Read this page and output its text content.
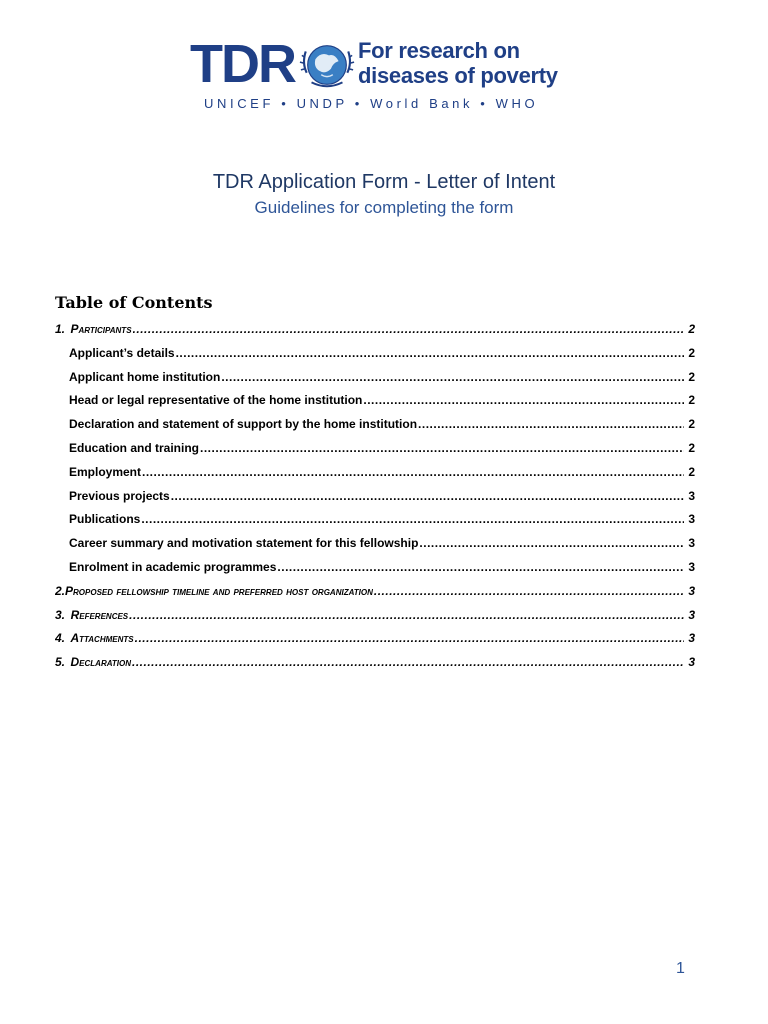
TDR	For research on
diseases of poverty
UNICEF • UNDP • World Bank • WHO
TDR Application Form - Letter of Intent
Guidelines for completing the form
Table of Contents
1. Participants .....	2
Applicant’s details .....	2
Applicant home institution .....	2
Head or legal representative of the home institution .....	2
Declaration and statement of support by the home institution .....	2
Education and training .....	2
Employment .....	2
Previous projects .....	3
Publications .....	3
Career summary and motivation statement for this fellowship .....	3
Enrolment in academic programmes .....	3
2. Proposed fellowship timeline and preferred host organization .....	3
3. References .....	3
4. Attachments .....	3
5. Declaration .....	3
1
